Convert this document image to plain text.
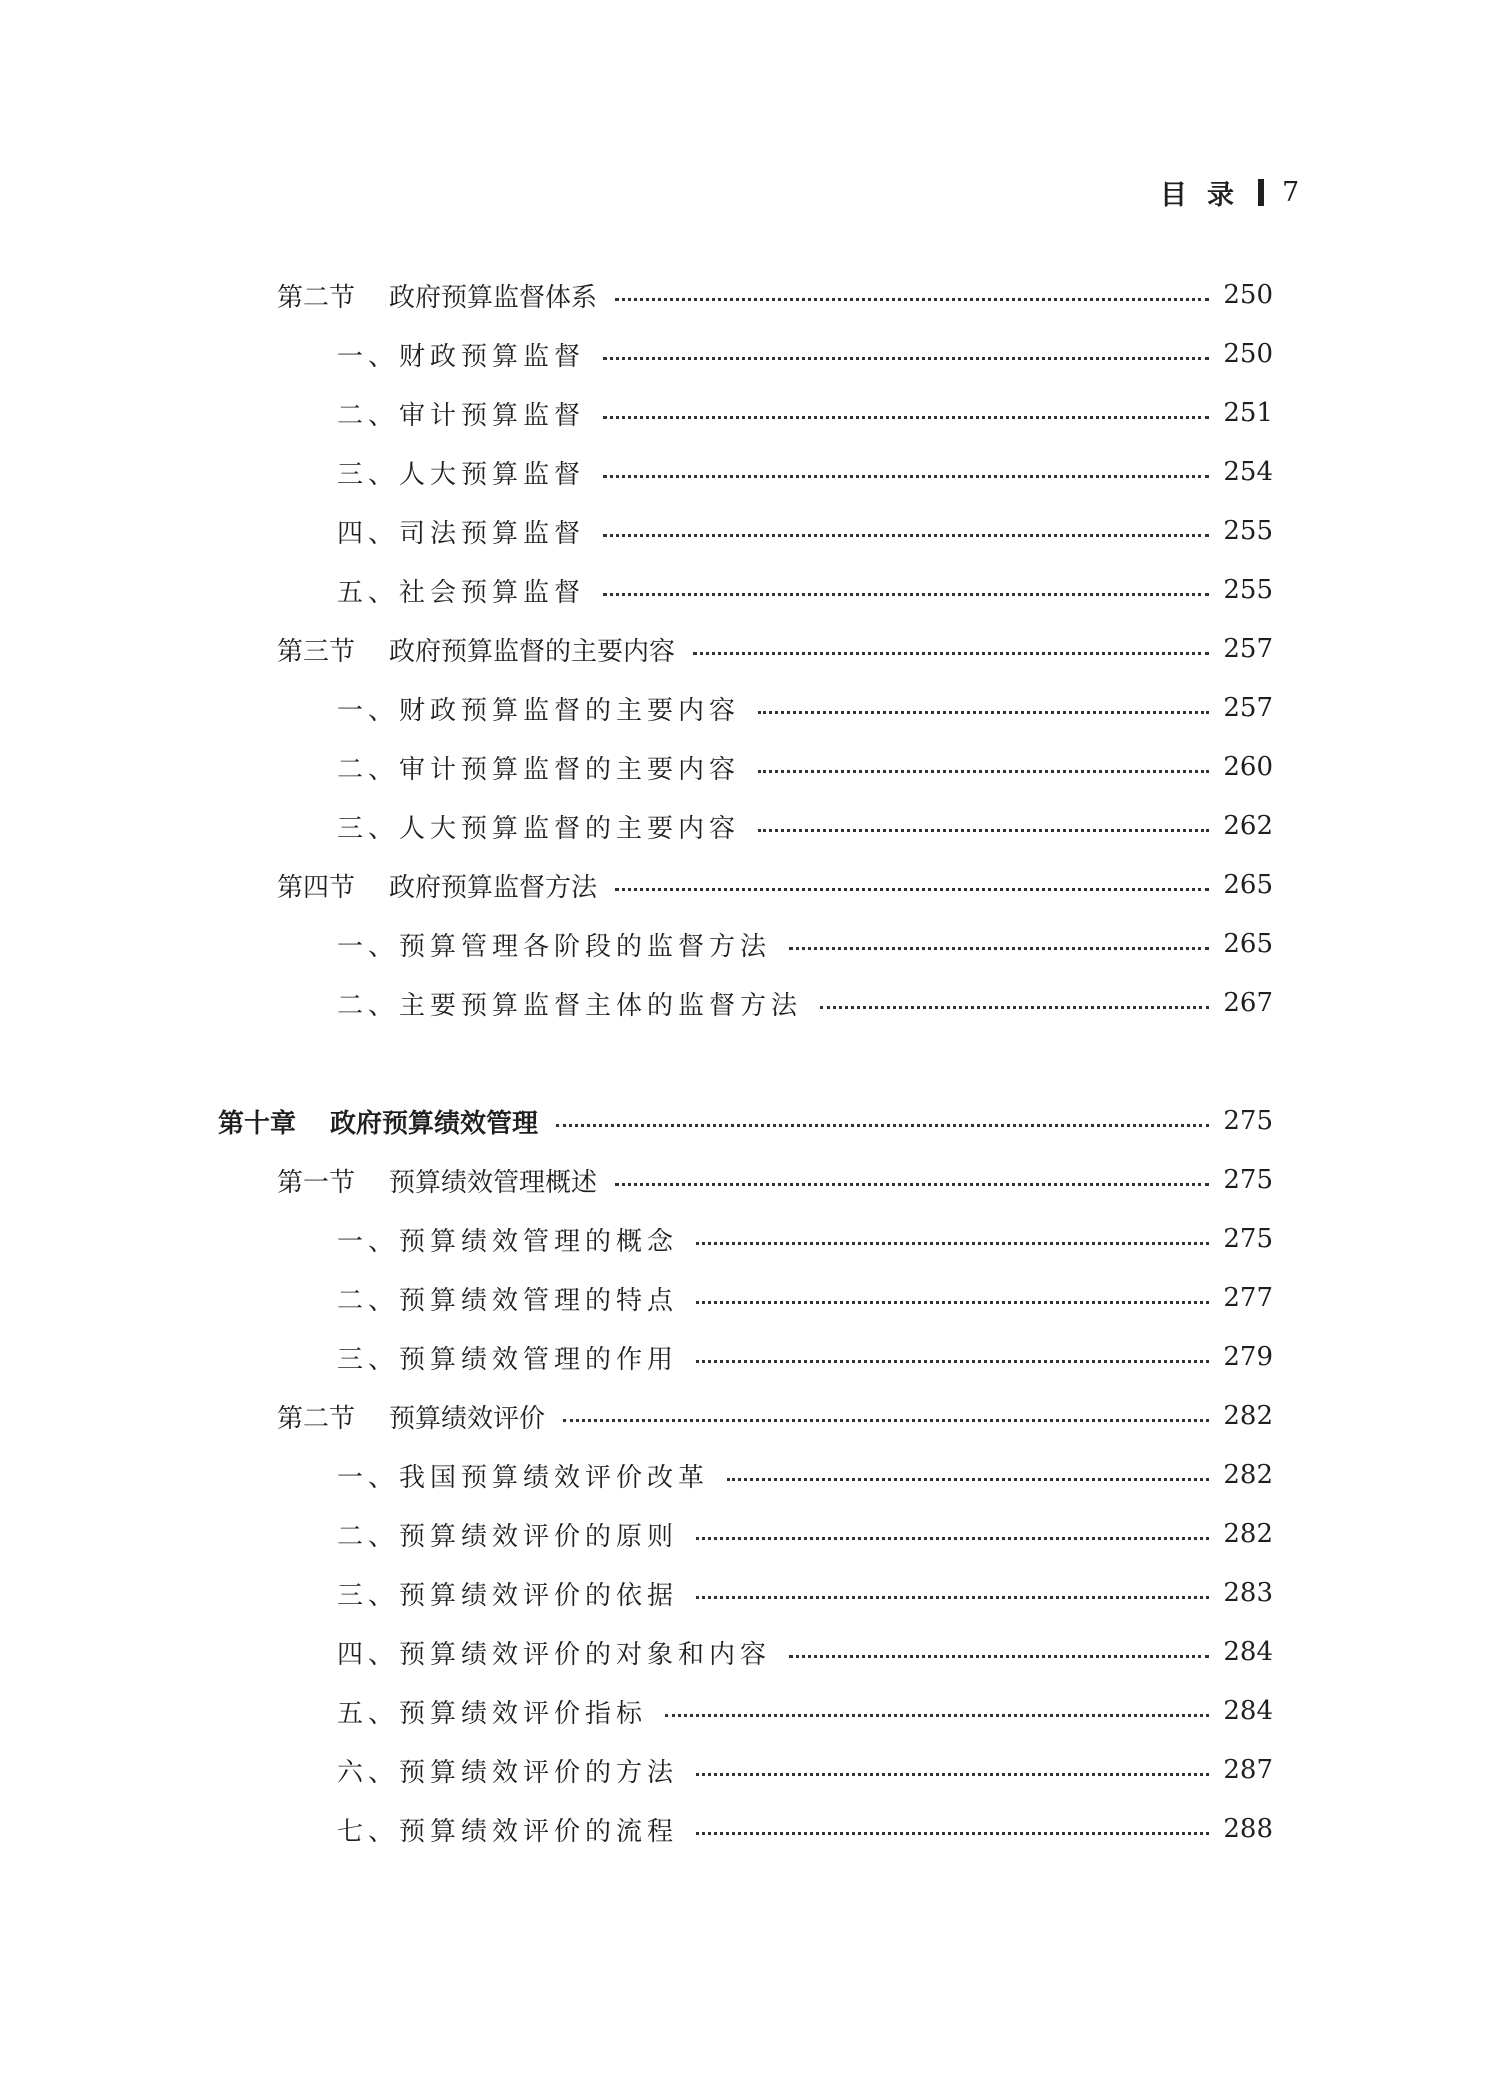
目录 7
第二节 政府预算监督体系	250
一、财政预算监督	250
二、审计预算监督	251
三、人大预算监督	254
四、司法预算监督	255
五、社会预算监督	255
第三节 政府预算监督的主要内容	257
一、财政预算监督的主要内容	257
二、审计预算监督的主要内容	260
三、人大预算监督的主要内容	262
第四节 政府预算监督方法	265
一、预算管理各阶段的监督方法	265
二、主要预算监督主体的监督方法	267
第十章 政府预算绩效管理	275
第一节 预算绩效管理概述	275
一、预算绩效管理的概念	275
二、预算绩效管理的特点	277
三、预算绩效管理的作用	279
第二节 预算绩效评价	282
一、我国预算绩效评价改革	282
二、预算绩效评价的原则	282
三、预算绩效评价的依据	283
四、预算绩效评价的对象和内容	284
五、预算绩效评价指标	284
六、预算绩效评价的方法	287
七、预算绩效评价的流程	288
